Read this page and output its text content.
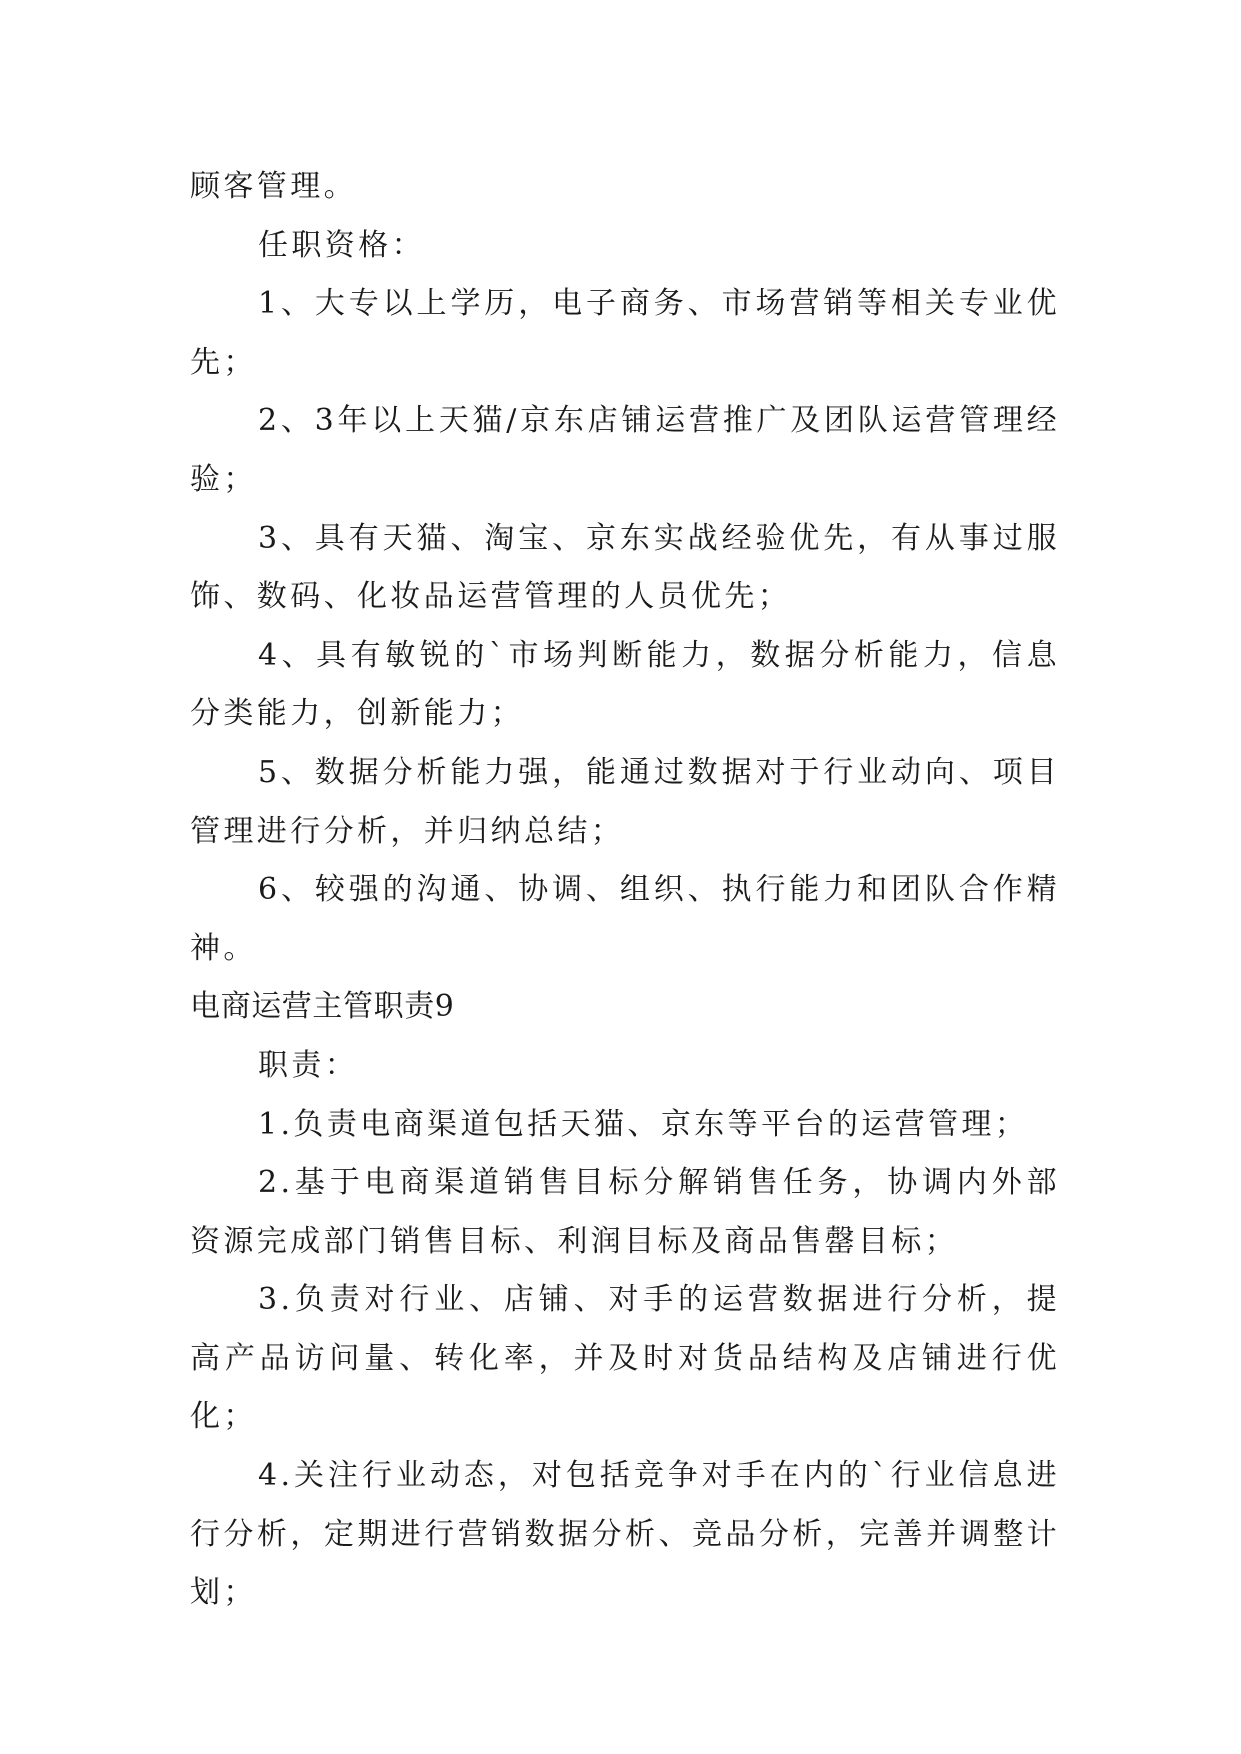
顾客管理。

任职资格：

1、大专以上学历，电子商务、市场营销等相关专业优先；

2、3年以上天猫/京东店铺运营推广及团队运营管理经验；

3、具有天猫、淘宝、京东实战经验优先，有从事过服饰、数码、化妆品运营管理的人员优先；

4、具有敏锐的`市场判断能力，数据分析能力，信息分类能力，创新能力；

5、数据分析能力强，能通过数据对于行业动向、项目管理进行分析，并归纳总结；

6、较强的沟通、协调、组织、执行能力和团队合作精神。

电商运营主管职责9

职责：

1.负责电商渠道包括天猫、京东等平台的运营管理；

2.基于电商渠道销售目标分解销售任务，协调内外部资源完成部门销售目标、利润目标及商品售罄目标；

3.负责对行业、店铺、对手的运营数据进行分析，提高产品访问量、转化率，并及时对货品结构及店铺进行优化；

4.关注行业动态，对包括竞争对手在内的`行业信息进行分析，定期进行营销数据分析、竞品分析，完善并调整计划；
